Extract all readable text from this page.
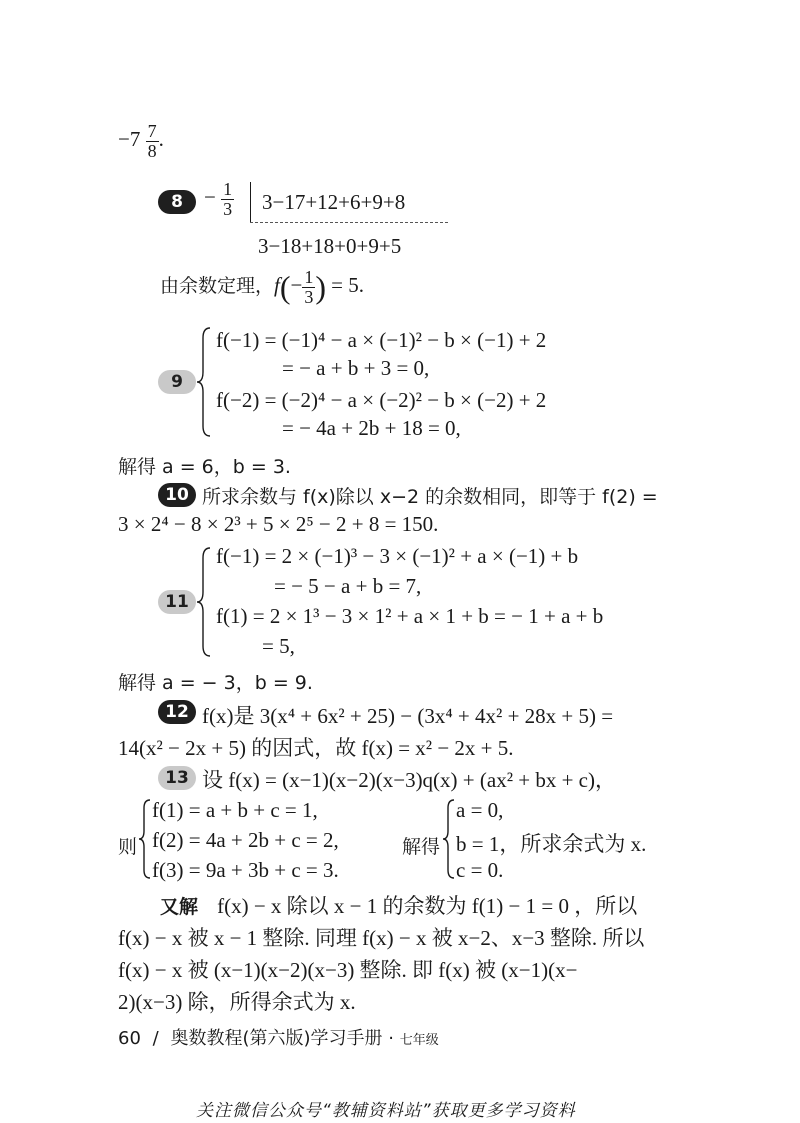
$-7 \frac{7}{8}$ .
8	− $\frac{1}{3} 3-17+12+6+9+8$
3−18+18+0+9+5
由余数定理，$f(- \frac{1}{3}$ ) = 5.
9
f(−1) = (−1)⁴ − a × (−1)² − b × (−1) + 2
= − a + b + 3 = 0,
f(−2) = (−2)⁴ − a × (−2)² − b × (−2) + 2
= − 4a + 2b + 18 = 0,
解得 a = 6，b = 3.
10 所求余数与 f(x)除以 x−2 的余数相同，即等于 f(2) =
3 × 2⁴ − 8 × 2³ + 5 × 2⁵ − 2 + 8 = 150.
11
f(−1) = 2 × (−1)³ − 3 × (−1)² + a × (−1) + b
= − 5 − a + b = 7,
f(1) = 2 × 1³ − 3 × 1² + a × 1 + b = − 1 + a + b
= 5,
解得 a = − 3，b = 9.
12 f(x)是 3(x⁴ + 6x² + 25) − (3x⁴ + 4x² + 28x + 5) =
14(x² − 2x + 5) 的因式，故 f(x) = x² − 2x + 5.
13 设 f(x) = (x−1)(x−2)(x−3)q(x) + (ax² + bx + c)，
则
f(1) = a + b + c = 1,
f(2) = 4a + 2b + c = 2,
f(3) = 9a + 3b + c = 3.
解得
a = 0,
b = 1，所求余式为 x.
c = 0.
又解 f(x) − x 除以 x − 1 的余数为 f(1) − 1 = 0 ，所以
f(x) − x 被 x − 1 整除. 同理 f(x) − x 被 x−2、x−3 整除. 所以
f(x) − x 被 (x−1)(x−2)(x−3) 整除. 即 f(x) 被 (x−1)(x−
2)(x−3) 除，所得余式为 x.
60 / 奥数教程(第六版)学习手册 · 七年级
关注微信公众号“教辅资料站”获取更多学习资料
